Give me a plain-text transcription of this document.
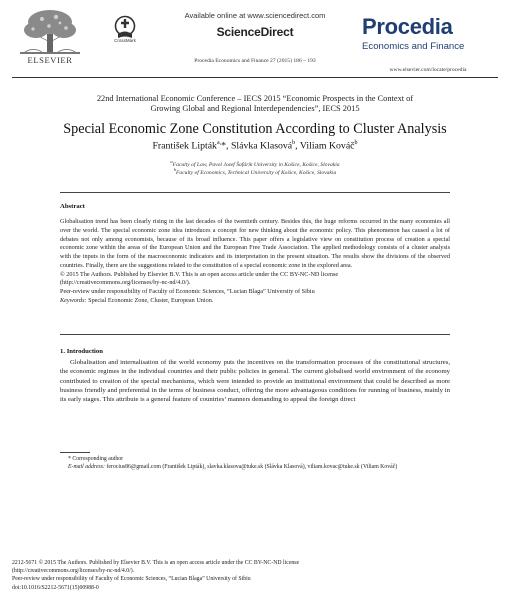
ELSEVIER
CrossMark
Available online at www.sciencedirect.com
ScienceDirect
Procedia Economics and Finance 27 (2015) 186 – 193
Procedia
Economics and Finance
www.elsevier.com/locate/procedia
22nd International Economic Conference – IECS 2015 “Economic Prospects in the Context of
Growing Global and Regional Interdependencies”, IECS 2015
Special Economic Zone Constitution According to Cluster Analysis
František Lipták$^{a,}$*, Slávka Klasová$^b$, Viliam Kováč$^b$
$^a$Faculty of Law, Pavol Jozef Šafárik University in Košice, Košice, Slovakia
$^b$Faculty of Economics, Technical University of Košice, Košice, Slovakia
Abstract
Globalisation trend has been clearly rising in the last decades of the twentieth century. Besides this, the huge reforms occurred in the many economies all over the world. The special economic zone idea introduces a concept for new thinking about the economic policy. This phenomenon has caused a lot of debates not only among economists, because of its broad influence. This paper offers a legislative view on constitution process of creation a special economic zone within the areas of the European Union and the European Free Trade Association. The applied methodology consists of a cluster analysis with the inputs in the form of the macroeconomic indicators and its interpretation in the present situation. The results show the divisions of the observed countries. Finally, there are the suggestions related to the constitution of a special economic zone in the explored area.
© 2015 The Authors. Published by Elsevier B.V. This is an open access article under the CC BY-NC-ND license
(http://creativecommons.org/licenses/by-nc-nd/4.0/).
Peer-review under responsibility of Faculty of Economic Sciences, “Lucian Blaga” University of Sibiu
Keywords: Special Economic Zone, Cluster, European Union.
1. Introduction
Globalisation and internalisation of the world economy puts the incentives on the transformation processes of the constitutional structures, the economic regimes in the individual countries and their public policies in general. The current globalised world environment of the economy contributed to creation of the special mechanisms, which were intended to provide an institutional environment that could be described as more business friendly and preferential in the terms of business conduct, offering the more advantageous conditions for running of business, mainly in its early stages. This attribute is a general feature of countries’ manners demanding to appeal the foreign direct
* Corresponding author
E-mail address: ferocius86@gmail.com (František Lipták), slavka.klasova@tuke.sk (Slávka Klasová), viliam.kovac@tuke.sk (Viliam Kováč)
2212-5671 © 2015 The Authors. Published by Elsevier B.V. This is an open access article under the CC BY-NC-ND license
(http://creativecommons.org/licenses/by-nc-nd/4.0/).
Peer-review under responsibility of Faculty of Economic Sciences, “Lucian Blaga” University of Sibiu
doi:10.1016/S2212-5671(15)00988-0
